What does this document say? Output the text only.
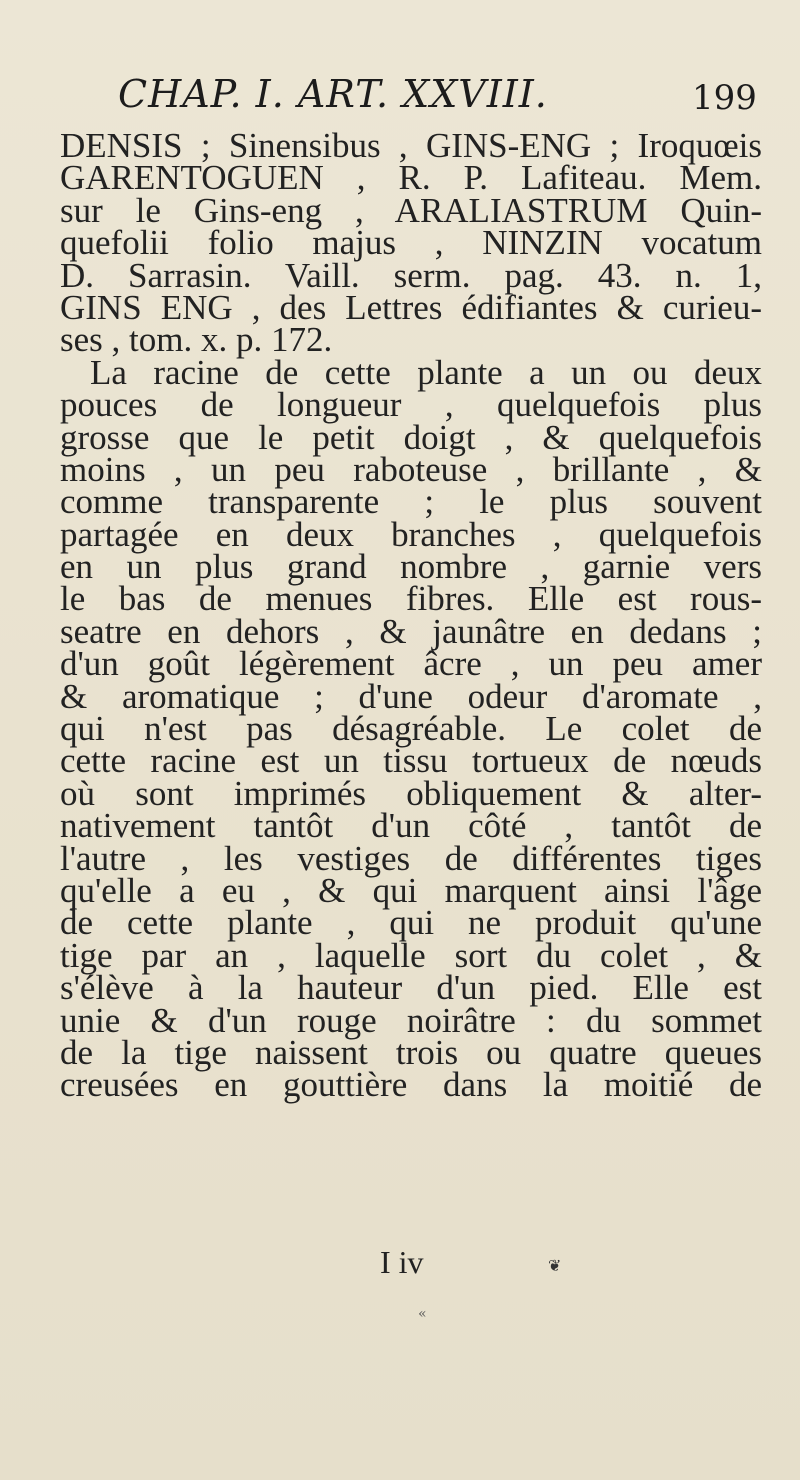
CHAP. I. ART. XXVIII.	199
DENSIS ; Sinensibus , GINS-ENG ; Iroquœis
GARENTOGUEN , R. P. Lafiteau. Mem.
sur le Gins-eng , ARALIASTRUM Quin-
quefolii folio majus , NINZIN vocatum
D. Sarrasin. Vaill. serm. pag. 43. n. 1,
GINS ENG , des Lettres édifiantes & curieu-
ses , tom. x. p. 172.
La racine de cette plante a un ou deux
pouces de longueur , quelquefois plus
grosse que le petit doigt , & quelquefois
moins , un peu raboteuse , brillante , &
comme transparente ; le plus souvent
partagée en deux branches , quelquefois
en un plus grand nombre , garnie vers
le bas de menues fibres. Elle est rous-
seatre en dehors , & jaunâtre en dedans ;
d'un goût légèrement âcre , un peu amer
& aromatique ; d'une odeur d'aromate ,
qui n'est pas désagréable. Le colet de
cette racine est un tissu tortueux de nœuds
où sont imprimés obliquement & alter-
nativement tantôt d'un côté , tantôt de
l'autre , les vestiges de différentes tiges
qu'elle a eu , & qui marquent ainsi l'âge
de cette plante , qui ne produit qu'une
tige par an , laquelle sort du colet , &
s'élève à la hauteur d'un pied. Elle est
unie & d'un rouge noirâtre : du sommet
de la tige naissent trois ou quatre queues
creusées en gouttière dans la moitié de
I iv	❦
«
